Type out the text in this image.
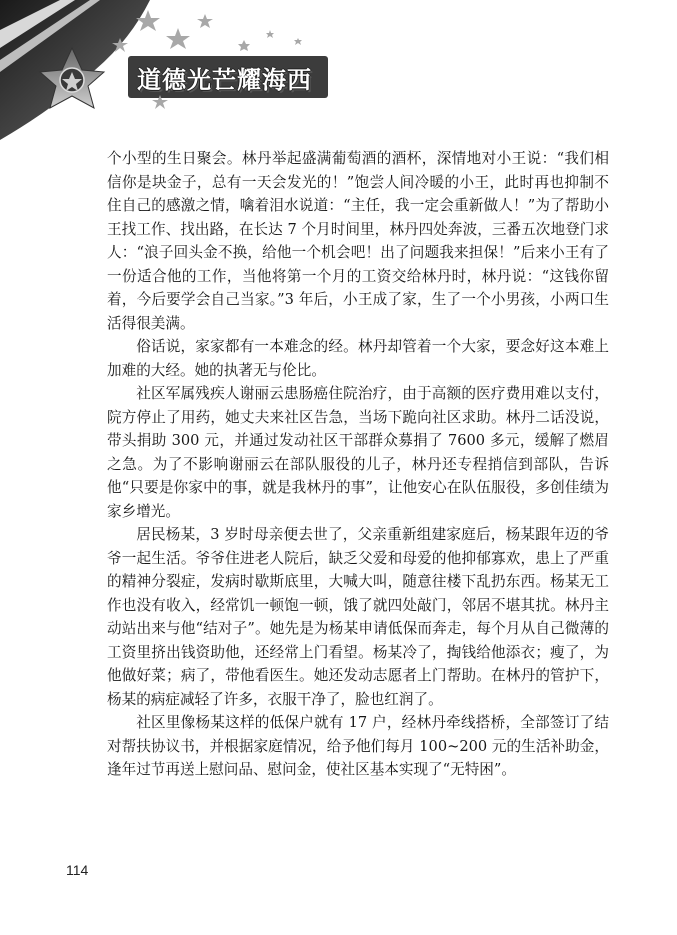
道德光芒耀海西

个小型的生日聚会。林丹举起盛满葡萄酒的酒杯，深情地对小王说：“我们相信你是块金子，总有一天会发光的！”饱尝人间冷暖的小王，此时再也抑制不住自己的感激之情，噙着泪水说道：“主任，我一定会重新做人！”为了帮助小王找工作、找出路，在长达 7 个月时间里，林丹四处奔波，三番五次地登门求人：“浪子回头金不换，给他一个机会吧！出了问题我来担保！”后来小王有了一份适合他的工作，当他将第一个月的工资交给林丹时，林丹说：“这钱你留着，今后要学会自己当家。”3 年后，小王成了家，生了一个小男孩，小两口生活得很美满。

俗话说，家家都有一本难念的经。林丹却管着一个大家，要念好这本难上加难的大经。她的执著无与伦比。

社区军属残疾人谢丽云患肠癌住院治疗，由于高额的医疗费用难以支付，院方停止了用药，她丈夫来社区告急，当场下跪向社区求助。林丹二话没说，带头捐助 300 元，并通过发动社区干部群众募捐了 7600 多元，缓解了燃眉之急。为了不影响谢丽云在部队服役的儿子，林丹还专程捎信到部队，告诉他“只要是你家中的事，就是我林丹的事”，让他安心在队伍服役，多创佳绩为家乡增光。

居民杨某，3 岁时母亲便去世了，父亲重新组建家庭后，杨某跟年迈的爷爷一起生活。爷爷住进老人院后，缺乏父爱和母爱的他抑郁寡欢，患上了严重的精神分裂症，发病时歇斯底里，大喊大叫，随意往楼下乱扔东西。杨某无工作也没有收入，经常饥一顿饱一顿，饿了就四处敲门，邻居不堪其扰。林丹主动站出来与他“结对子”。她先是为杨某申请低保而奔走，每个月从自己微薄的工资里挤出钱资助他，还经常上门看望。杨某冷了，掏钱给他添衣；瘦了，为他做好菜；病了，带他看医生。她还发动志愿者上门帮助。在林丹的管护下，杨某的病症减轻了许多，衣服干净了，脸也红润了。

社区里像杨某这样的低保户就有 17 户，经林丹牵线搭桥，全部签订了结对帮扶协议书，并根据家庭情况，给予他们每月 100~200 元的生活补助金，逢年过节再送上慰问品、慰问金，使社区基本实现了“无特困”。

114
